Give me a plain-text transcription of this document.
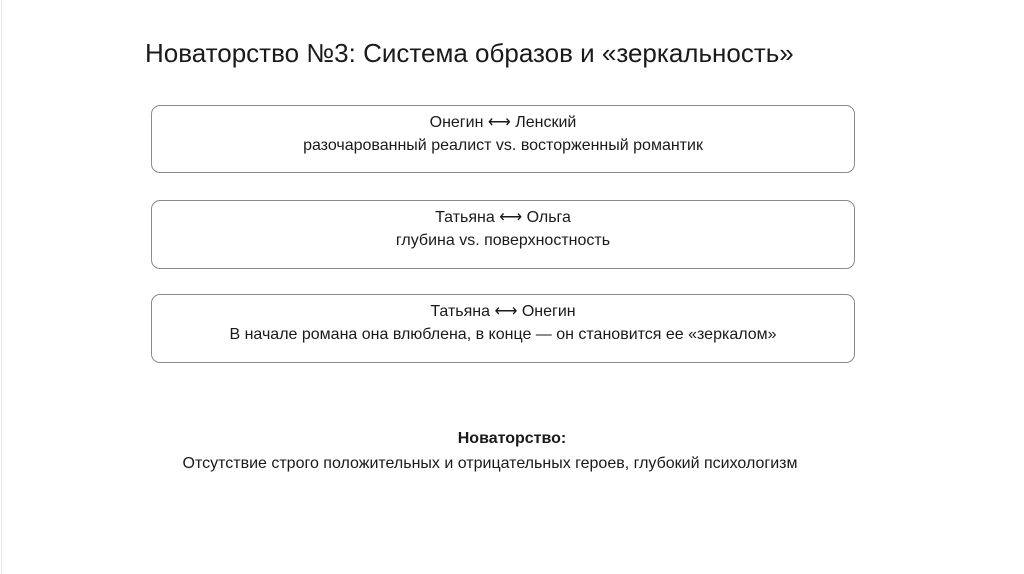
Новаторство №3: Система образов и «зеркальность»
Онегин ⟷ Ленский
разочарованный реалист vs. восторженный романтик
Татьяна ⟷ Ольга
глубина vs. поверхностность
Татьяна ⟷ Онегин
В начале романа она влюблена, в конце — он становится ее «зеркалом»
Новаторство:
Отсутствие строго положительных и отрицательных героев, глубокий психологизм
